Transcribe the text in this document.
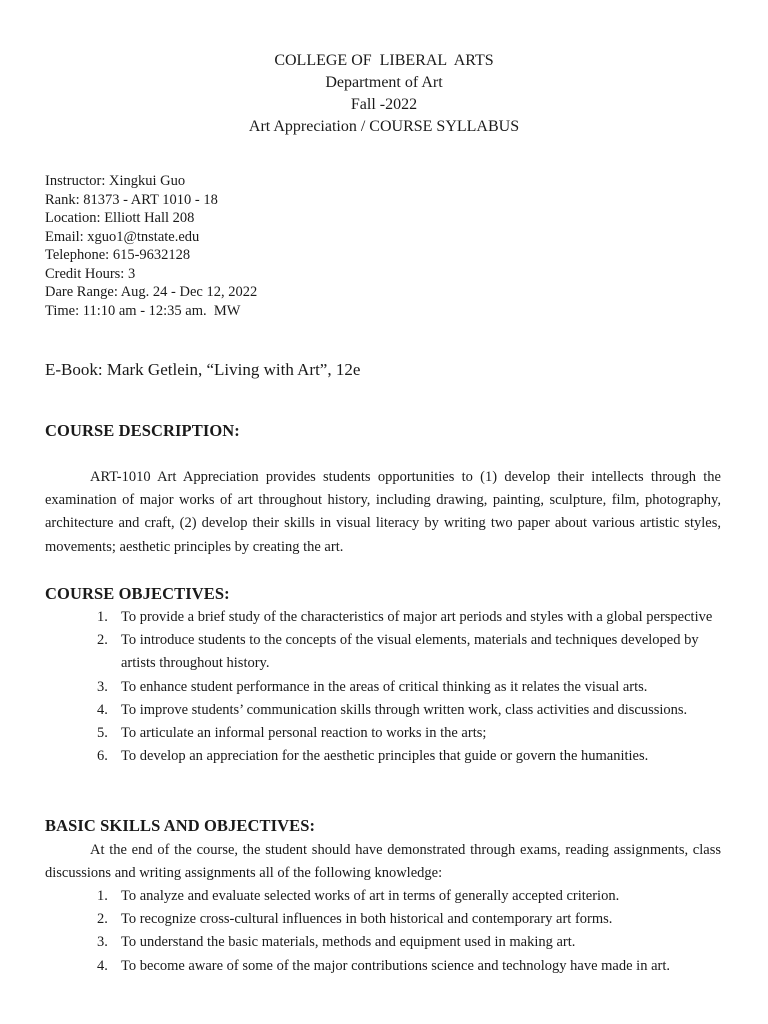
COLLEGE OF  LIBERAL  ARTS
Department of Art
Fall -2022
Art Appreciation / COURSE SYLLABUS
Instructor: Xingkui Guo
Rank: 81373 - ART 1010 - 18
Location: Elliott Hall 208
Email: xguo1@tnstate.edu
Telephone: 615-9632128
Credit Hours: 3
Dare Range: Aug. 24 - Dec 12, 2022
Time: 11:10 am - 12:35 am.  MW
E-Book: Mark Getlein, “Living with Art”, 12e
COURSE DESCRIPTION:
ART-1010 Art Appreciation provides students opportunities to (1) develop their intellects through the examination of major works of art throughout history, including drawing, painting, sculpture, film, photography, architecture and craft, (2) develop their skills in visual literacy by writing two paper about various artistic styles, movements; aesthetic principles by creating the art.
COURSE OBJECTIVES:
1. To provide a brief study of the characteristics of major art periods and styles with a global perspective
2. To introduce students to the concepts of the visual elements, materials and techniques developed by artists throughout history.
3. To enhance student performance in the areas of critical thinking as it relates the visual arts.
4. To improve students’ communication skills through written work, class activities and discussions.
5. To articulate an informal personal reaction to works in the arts;
6. To develop an appreciation for the aesthetic principles that guide or govern the humanities.
BASIC SKILLS AND OBJECTIVES:
At the end of the course, the student should have demonstrated through exams, reading assignments, class discussions and writing assignments all of the following knowledge:
1. To analyze and evaluate selected works of art in terms of generally accepted criterion.
2. To recognize cross-cultural influences in both historical and contemporary art forms.
3. To understand the basic materials, methods and equipment used in making art.
4. To become aware of some of the major contributions science and technology have made in art.
